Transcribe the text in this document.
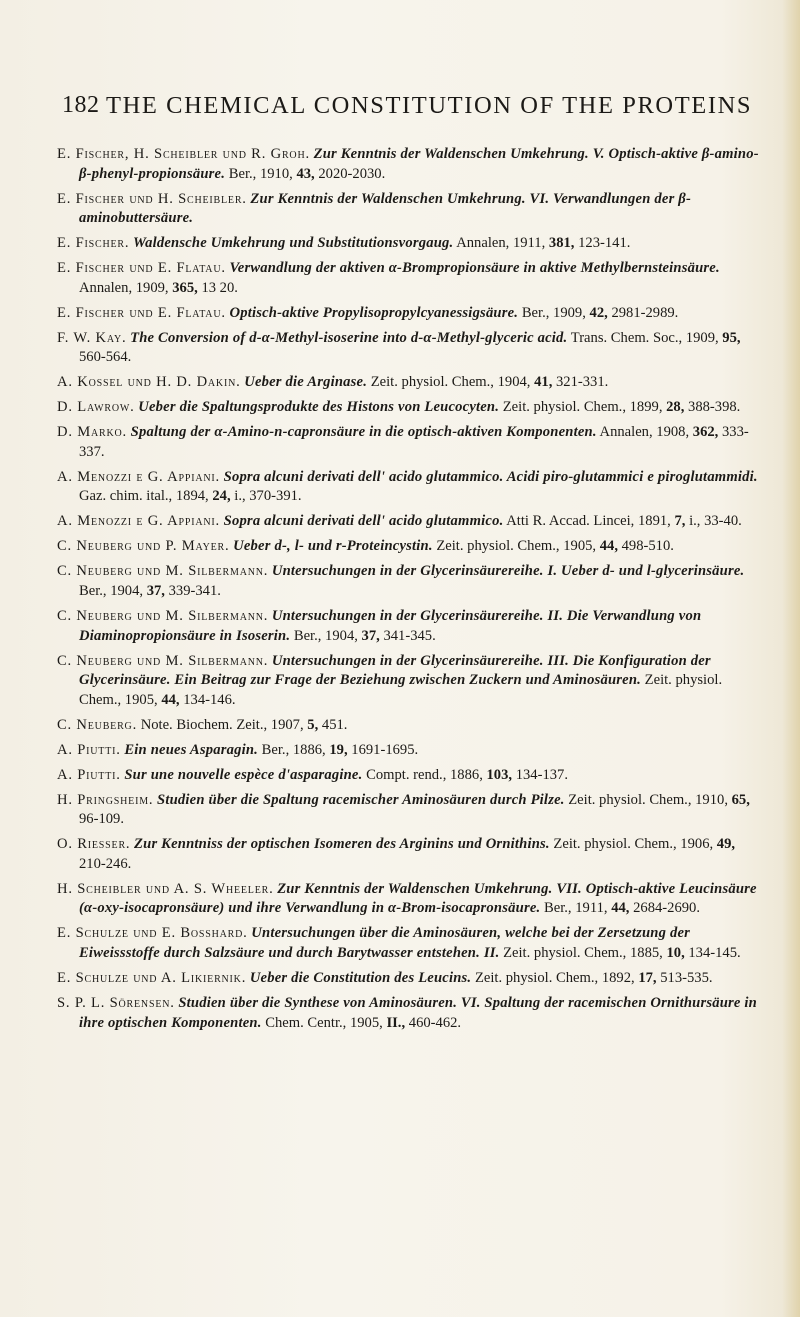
182 THE CHEMICAL CONSTITUTION OF THE PROTEINS

E. Fischer, H. Scheibler und R. Groh. Zur Kenntnis der Waldenschen Umkehrung. V. Optisch-aktive β-amino-β-phenyl-propionsäure. Ber., 1910, 43, 2020-2030.

E. Fischer und H. Scheibler. Zur Kenntnis der Waldenschen Umkehrung. VI. Verwandlungen der β-aminobuttersäure.

E. Fischer. Waldensche Umkehrung und Substitutionsvorgaug. Annalen, 1911, 381, 123-141.

E. Fischer und E. Flatau. Verwandlung der aktiven α-Brompropionsäure in aktive Methylbernsteinsäure. Annalen, 1909, 365, 13 20.

E. Fischer und E. Flatau. Optisch-aktive Propylisopropylcyanessigsäure. Ber., 1909, 42, 2981-2989.

F. W. Kay. The Conversion of d-α-Methyl-isoserine into d-α-Methyl-glyceric acid. Trans. Chem. Soc., 1909, 95, 560-564.

A. Kossel und H. D. Dakin. Ueber die Arginase. Zeit. physiol. Chem., 1904, 41, 321-331.

D. Lawrow. Ueber die Spaltungsprodukte des Histons von Leucocyten. Zeit. physiol. Chem., 1899, 28, 388-398.

D. Marko. Spaltung der α-Amino-n-capronsäure in die optisch-aktiven Komponenten. Annalen, 1908, 362, 333-337.

A. Menozzi e G. Appiani. Sopra alcuni derivati dell' acido glutammico. Acidi piro-glutammici e piroglutammidi. Gaz. chim. ital., 1894, 24, i., 370-391.

A. Menozzi e G. Appiani. Sopra alcuni derivati dell' acido glutammico. Atti R. Accad. Lincei, 1891, 7, i., 33-40.

C. Neuberg und P. Mayer. Ueber d-, l- und r-Proteincystin. Zeit. physiol. Chem., 1905, 44, 498-510.

C. Neuberg und M. Silbermann. Untersuchungen in der Glycerinsäurereihe. I. Ueber d- und l-glycerinsäure. Ber., 1904, 37, 339-341.

C. Neuberg und M. Silbermann. Untersuchungen in der Glycerinsäurereihe. II. Die Verwandlung von Diaminopropionsäure in Isoserin. Ber., 1904, 37, 341-345.

C. Neuberg und M. Silbermann. Untersuchungen in der Glycerinsäurereihe. III. Die Konfiguration der Glycerinsäure. Ein Beitrag zur Frage der Beziehung zwischen Zuckern und Aminosäuren. Zeit. physiol. Chem., 1905, 44, 134-146.

C. Neuberg. Note. Biochem. Zeit., 1907, 5, 451.

A. Piutti. Ein neues Asparagin. Ber., 1886, 19, 1691-1695.

A. Piutti. Sur une nouvelle espèce d'asparagine. Compt. rend., 1886, 103, 134-137.

H. Pringsheim. Studien über die Spaltung racemischer Aminosäuren durch Pilze. Zeit. physiol. Chem., 1910, 65, 96-109.

O. Riesser. Zur Kenntniss der optischen Isomeren des Arginins und Ornithins. Zeit. physiol. Chem., 1906, 49, 210-246.

H. Scheibler und A. S. Wheeler. Zur Kenntnis der Waldenschen Umkehrung. VII. Optisch-aktive Leucinsäure (α-oxy-isocapronsäure) und ihre Verwandlung in α-Brom-isocapronsäure. Ber., 1911, 44, 2684-2690.

E. Schulze und E. Bosshard. Untersuchungen über die Aminosäuren, welche bei der Zersetzung der Eiweissstoffe durch Salzsäure und durch Barytwasser entstehen. II. Zeit. physiol. Chem., 1885, 10, 134-145.

E. Schulze und A. Likiernik. Ueber die Constitution des Leucins. Zeit. physiol. Chem., 1892, 17, 513-535.

S. P. L. Sörensen. Studien über die Synthese von Aminosäuren. VI. Spaltung der racemischen Ornithursäure in ihre optischen Komponenten. Chem. Centr., 1905, II., 460-462.
